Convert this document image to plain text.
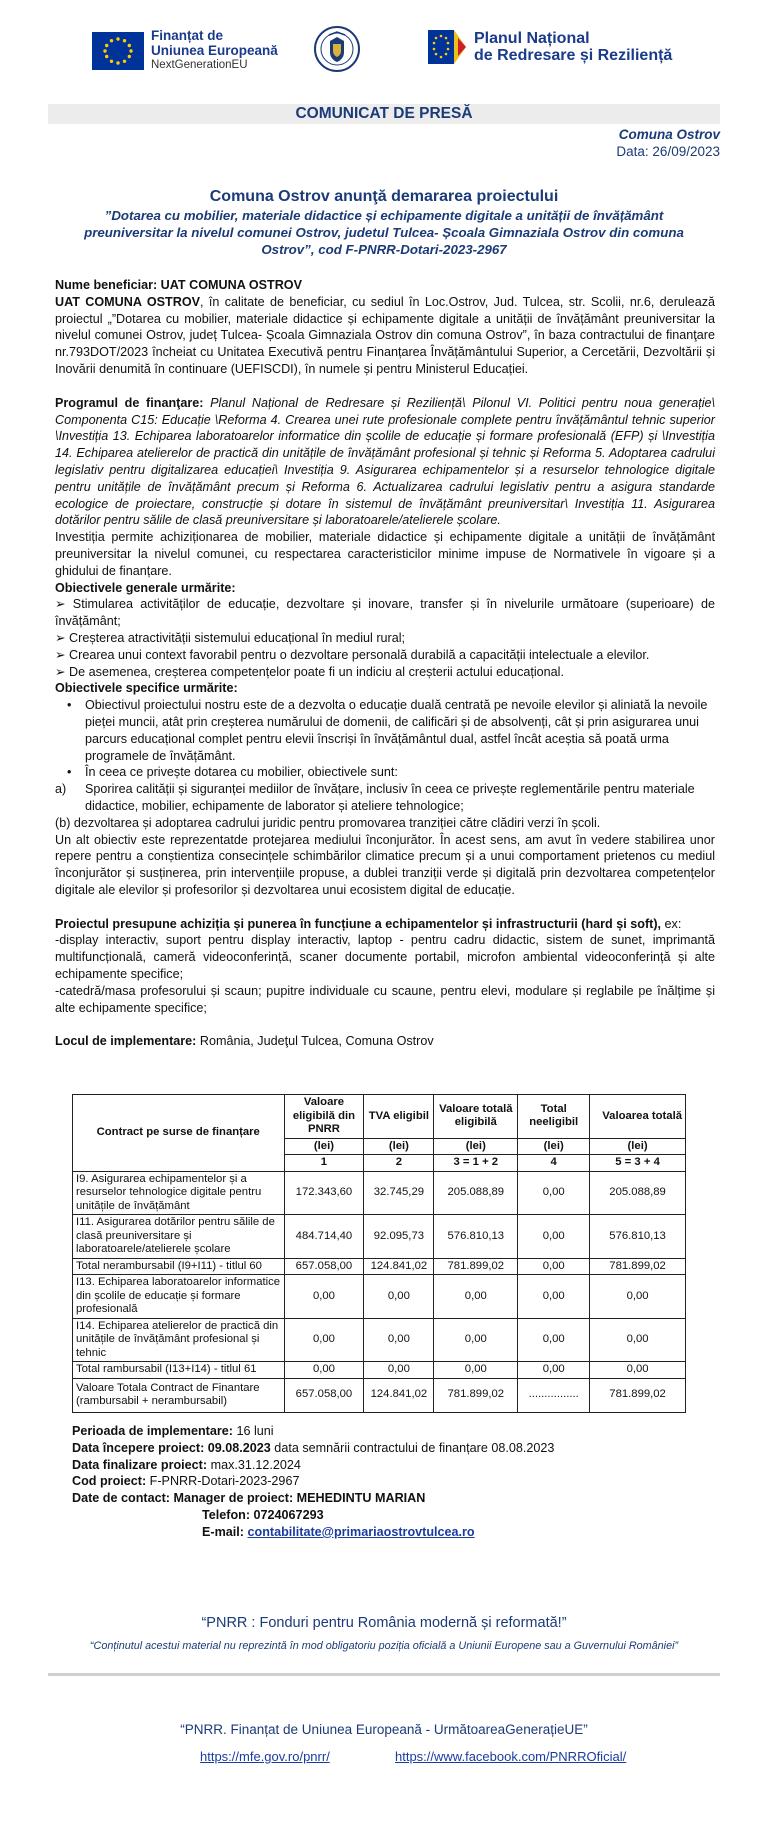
Finanțat de
Uniunea Europeană
NextGenerationEU
Planul Național
de Redresare și Reziliență
COMUNICAT DE PRESĂ
Comuna Ostrov
Data: 26/09/2023
Comuna Ostrov anunţă demararea proiectului
”Dotarea cu mobilier, materiale didactice și echipamente digitale a unității de învățământ preuniversitar la nivelul comunei Ostrov, judetul Tulcea- Școala Gimnaziala Ostrov din comuna Ostrov”, cod F-PNRR-Dotari-2023-2967

Nume beneficiar: UAT COMUNA OSTROV

UAT COMUNA OSTROV, în calitate de beneficiar, cu sediul în Loc.Ostrov, Jud. Tulcea, str. Scolii, nr.6, derulează proiectul „”Dotarea cu mobilier, materiale didactice și echipamente digitale a unității de învățământ preuniversitar la nivelul comunei Ostrov, județ Tulcea- Școala Gimnaziala Ostrov din comuna Ostrov”, în baza contractului de finanţare nr.793DOT/2023 încheiat cu Unitatea Executivă pentru Finanțarea Învățământului Superior, a Cercetării, Dezvoltării și Inovării denumită în continuare (UEFISCDI), în numele și pentru Ministerul Educației.

Programul de finanţare: Planul Național de Redresare și Reziliență\ Pilonul VI. Politici pentru noua generație\ Componenta C15: Educație \Reforma 4. Crearea unei rute profesionale complete pentru învățământul tehnic superior \Investiția 13. Echiparea laboratoarelor informatice din școlile de educație și formare profesională (EFP) și \Investiția 14. Echiparea atelierelor de practică din unitățile de învățământ profesional și tehnic și Reforma 5. Adoptarea cadrului legislativ pentru digitalizarea educației\ Investiția 9. Asigurarea echipamentelor și a resurselor tehnologice digitale pentru unitățile de învățământ precum și Reforma 6. Actualizarea cadrului legislativ pentru a asigura standarde ecologice de proiectare, construcție și dotare în sistemul de învățământ preuniversitar\ Investiția 11. Asigurarea dotărilor pentru sălile de clasă preuniversitare și laboratoarele/atelierele școlare.

Investiția permite achiziționarea de mobilier, materiale didactice și echipamente digitale a unității de învățământ preuniversitar la nivelul comunei, cu respectarea caracteristicilor minime impuse de Normativele în vigoare și a ghidului de finanțare.

Obiectivele generale urmărite:

➢ Stimularea activităților de educație, dezvoltare și inovare, transfer și în nivelurile următoare (superioare) de învățământ;

➢ Creșterea atractivității sistemului educațional în mediul rural;

➢ Crearea unui context favorabil pentru o dezvoltare personală durabilă a capacității intelectuale a elevilor.

➢ De asemenea, creșterea competențelor poate fi un indiciu al creșterii actului educațional.

Obiectivele specifice urmărite:

• Obiectivul proiectului nostru este de a dezvolta o educație duală centrată pe nevoile elevilor și aliniată la nevoile pieței muncii, atât prin creșterea numărului de domenii, de calificări și de absolvenți, cât și prin asigurarea unui parcurs educațional complet pentru elevii înscriși în învățământul dual, astfel încât aceștia să poată urma programele de învățământ.
• În ceea ce privește dotarea cu mobilier, obiectivele sunt:
a) Sporirea calității și siguranței mediilor de învățare, inclusiv în ceea ce privește reglementările pentru materiale didactice, mobilier, echipamente de laborator și ateliere tehnologice;

(b) dezvoltarea și adoptarea cadrului juridic pentru promovarea tranziției către clădiri verzi în școli.

Un alt obiectiv este reprezentatde protejarea mediului înconjurător. În acest sens, am avut în vedere stabilirea unor repere pentru a conștientiza consecințele schimbărilor climatice precum și a unui comportament prietenos cu mediul înconjurător și susținerea, prin intervențiile propuse, a dublei tranziții verde și digitală prin dezvoltarea competențelor digitale ale elevilor și profesorilor și dezvoltarea unui ecosistem digital de educație.

Proiectul presupune achiziția și punerea în funcțiune a echipamentelor și infrastructurii (hard și soft), ex:

-display interactiv, suport pentru display interactiv, laptop - pentru cadru didactic, sistem de sunet, imprimantă multifuncțională, cameră videoconferință, scaner documente portabil, microfon ambiental videoconferință și alte echipamente specifice;

-catedră/masa profesorului și scaun; pupitre individuale cu scaune, pentru elevi, modulare și reglabile pe înălțime și alte echipamente specifice;

Locul de implementare: România, Judeţul Tulcea, Comuna Ostrov

Contract pe surse de finanțare	Valoare eligibilă din PNRR	TVA eligibil	Valoare totală eligibilă	Total neeligibil	Valoarea totală
	(lei)	(lei)	(lei)	(lei)	(lei)
	1	2	3 = 1 + 2	4	5 = 3 + 4
I9. Asigurarea echipamentelor și a resurselor tehnologice digitale pentru unitățile de învățământ	172.343,60	32.745,29	205.088,89	0,00	205.088,89
I11. Asigurarea dotărilor pentru sălile de clasă preuniversitare și laboratoarele/atelierele școlare	484.714,40	92.095,73	576.810,13	0,00	576.810,13
Total nerambursabil (I9+I11) - titlul 60	657.058,00	124.841,02	781.899,02	0,00	781.899,02
I13. Echiparea laboratoarelor informatice din școlile de educație și formare profesională	0,00	0,00	0,00	0,00	0,00
I14. Echiparea atelierelor de practică din unitățile de învățământ profesional și tehnic	0,00	0,00	0,00	0,00	0,00
Total rambursabil (I13+I14) - titlul 61	0,00	0,00	0,00	0,00	0,00
Valoare Totala Contract de Finantare (rambursabil + nerambursabil)	657.058,00	124.841,02	781.899,02	................	781.899,02
Perioada de implementare: 16 luni
Data începere proiect: 09.08.2023 data semnării contractului de finanțare 08.08.2023
Data finalizare proiect: max.31.12.2024
Cod proiect: F-PNRR-Dotari-2023-2967
Date de contact: Manager de proiect: MEHEDINTU MARIAN
Telefon: 0724067293
E-mail: contabilitate@primariaostrovtulcea.ro
“PNRR : Fonduri pentru România modernă și reformată!”
“Conținutul acestui material nu reprezintă în mod obligatoriu poziția oficială a Uniunii Europene sau a Guvernului României”
“PNRR. Finanțat de Uniunea Europeană - UrmătoareaGenerațieUE”
https://mfe.gov.ro/pnrr/	https://www.facebook.com/PNRROficial/
